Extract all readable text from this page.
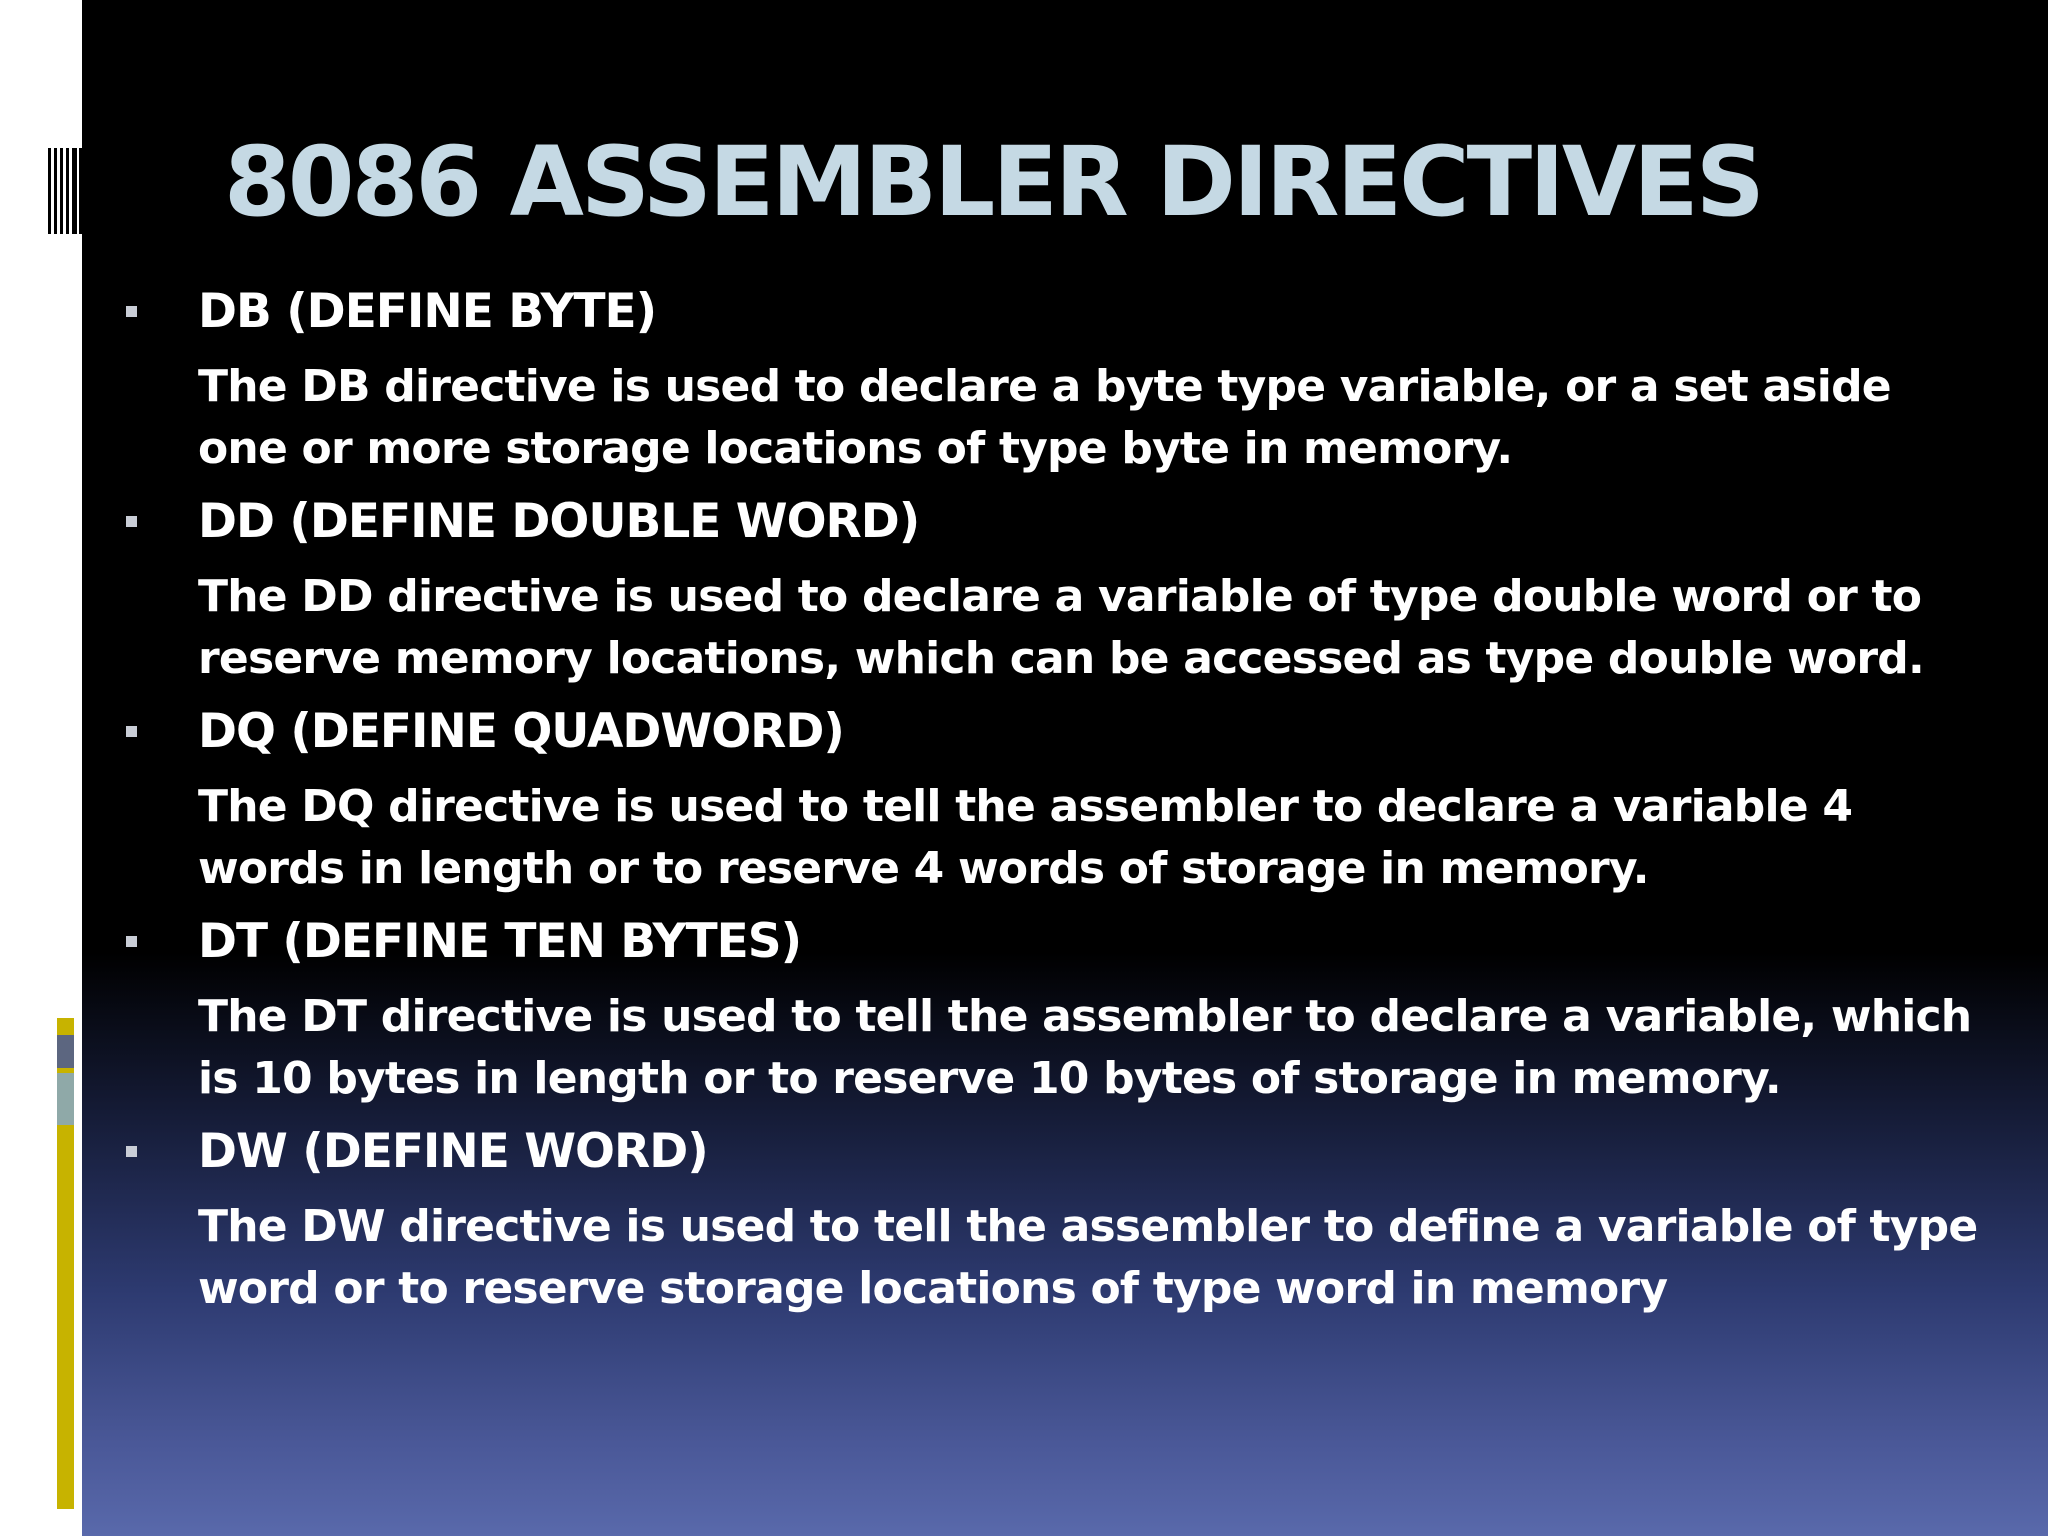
8086 ASSEMBLER DIRECTIVES
DB (DEFINE BYTE)
The DB directive is used to declare a byte type variable, or a set aside one or more storage locations of type byte in memory.
DD (DEFINE DOUBLE WORD)
The DD directive is used to declare a variable of type double word or to reserve memory locations, which can be accessed as type double word.
DQ (DEFINE QUADWORD)
The DQ directive is used to tell the assembler to declare a variable 4 words in length or to reserve 4 words of storage in memory.
DT (DEFINE TEN BYTES)
The DT directive is used to tell the assembler to declare a variable, which is 10 bytes in length or to reserve 10 bytes of storage in memory.
DW (DEFINE WORD)
The DW directive is used to tell the assembler to define a variable of type word or to reserve storage locations of type word in memory
